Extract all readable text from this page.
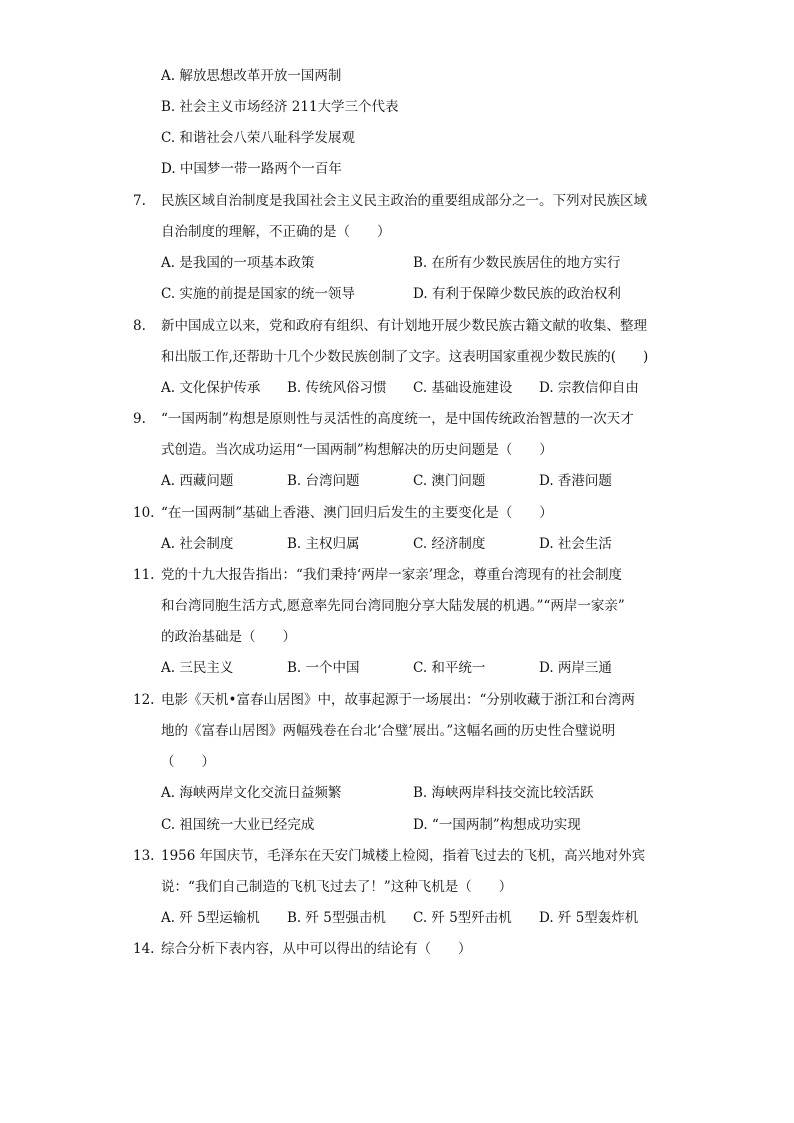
A. 解放思想改革开放一国两制
B. 社会主义市场经济 211大学三个代表
C. 和谐社会八荣八耻科学发展观
D. 中国梦一带一路两个一百年
7. 民族区域自治制度是我国社会主义民主政治的重要组成部分之一。下列对民族区域
自治制度的理解，不正确的是（　　）
A. 是我国的一项基本政策	B. 在所有少数民族居住的地方实行
C. 实施的前提是国家的统一领导	D. 有利于保障少数民族的政治权利
8. 新中国成立以来，党和政府有组织、有计划地开展少数民族古籍文献的收集、整理
和出版工作,还帮助十几个少数民族创制了文字。这表明国家重视少数民族的(　　)
A. 文化保护传承 B. 传统风俗习惯 C. 基础设施建设 D. 宗教信仰自由
9. “一国两制”构想是原则性与灵活性的高度统一，是中国传统政治智慧的一次天才
式创造。当次成功运用“一国两制”构想解决的历史问题是（　　）
A. 西藏问题	B. 台湾问题	C. 澳门问题	D. 香港问题
10. “在一国两制”基础上香港、澳门回归后发生的主要变化是（　　）
A. 社会制度	B. 主权归属	C. 经济制度	D. 社会生活
11. 党的十九大报告指出：“我们秉持‘两岸一家亲’理念，尊重台湾现有的社会制度
和台湾同胞生活方式,愿意率先同台湾同胞分享大陆发展的机遇。”“两岸一家亲”
的政治基础是（　　）
A. 三民主义	B. 一个中国	C. 和平统一	D. 两岸三通
12. 电影《天机•富春山居图》中，故事起源于一场展出：“分别收藏于浙江和台湾两
地的《富春山居图》两幅残卷在台北‘合璧’展出。”这幅名画的历史性合璧说明
（　　）
A. 海峡两岸文化交流日益频繁	B. 海峡两岸科技交流比较活跃
C. 祖国统一大业已经完成	D. “一国两制”构想成功实现
13. 1956 年国庆节，毛泽东在天安门城楼上检阅，指着飞过去的飞机，高兴地对外宾
说：“我们自己制造的飞机飞过去了！”这种飞机是（　　）
A. 歼 5型运输机 B. 歼 5型强击机 C. 歼 5型歼击机 D. 歼 5型轰炸机
14. 综合分析下表内容，从中可以得出的结论有（　　）
